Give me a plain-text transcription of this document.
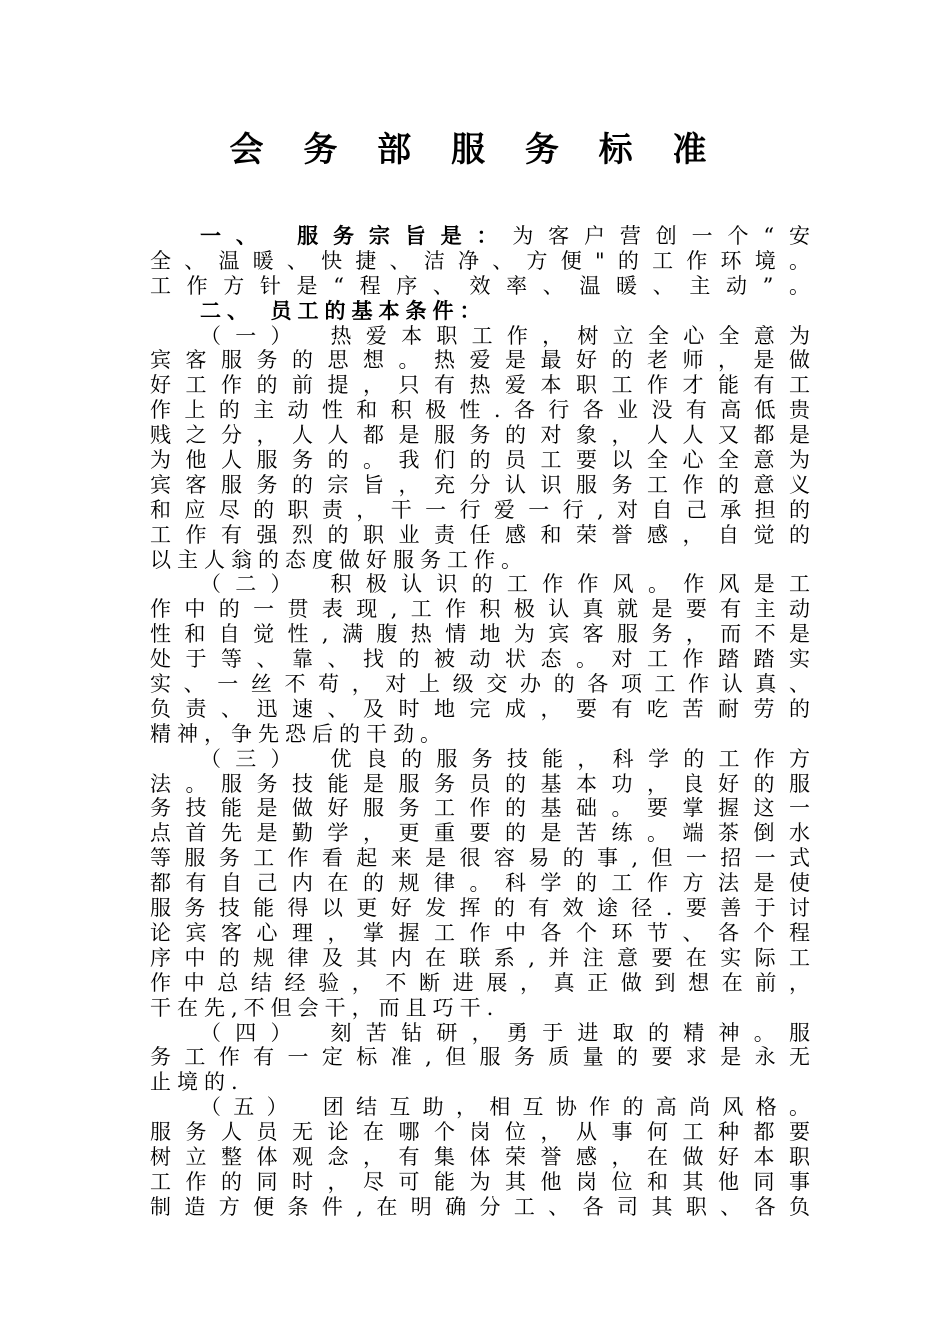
会 务 部 服 务 标 准
一、　服务宗旨是：为客户营创一个“安
全、温暖、快捷、洁净、方便"的工作环境。
工作方针是“程序、效率、温暖、主动”。
二、　员工的基本条件：
（一）　热爱本职工作，树立全心全意为
宾客服务的思想。热爱是最好的老师，是做
好工作的前提，只有热爱本职工作才能有工
作上的主动性和积极性.各行各业没有高低贵
贱之分，人人都是服务的对象，人人又都是
为他人服务的。我们的员工要以全心全意为
宾客服务的宗旨，充分认识服务工作的意义
和应尽的职责，干一行爱一行,对自己承担的
工作有强烈的职业责任感和荣誉感，自觉的
以主人翁的态度做好服务工作。
（二）　积极认识的工作作风。作风是工
作中的一贯表现,工作积极认真就是要有主动
性和自觉性,满腹热情地为宾客服务，而不是
处于等、靠、找的被动状态。对工作踏踏实
实、一丝不苟，对上级交办的各项工作认真、
负责、迅速、及时地完成，要有吃苦耐劳的
精神，争先恐后的干劲。
（三）　优良的服务技能，科学的工作方
法。服务技能是服务员的基本功，良好的服
务技能是做好服务工作的基础。要掌握这一
点首先是勤学，更重要的是苦练。端茶倒水
等服务工作看起来是很容易的事,但一招一式
都有自己内在的规律。科学的工作方法是使
服务技能得以更好发挥的有效途径.要善于讨
论宾客心理，掌握工作中各个环节、各个程
序中的规律及其内在联系,并注意要在实际工
作中总结经验，不断进展，真正做到想在前，
干在先,不但会干，而且巧干.
（四）　刻苦钻研，勇于进取的精神。服
务工作有一定标准,但服务质量的要求是永无
止境的.
（五）　团结互助，相互协作的高尚风格。
服务人员无论在哪个岗位，从事何工种都要
树立整体观念，有集体荣誉感，在做好本职
工作的同时，尽可能为其他岗位和其他同事
制造方便条件,在明确分工、各司其职、各负
